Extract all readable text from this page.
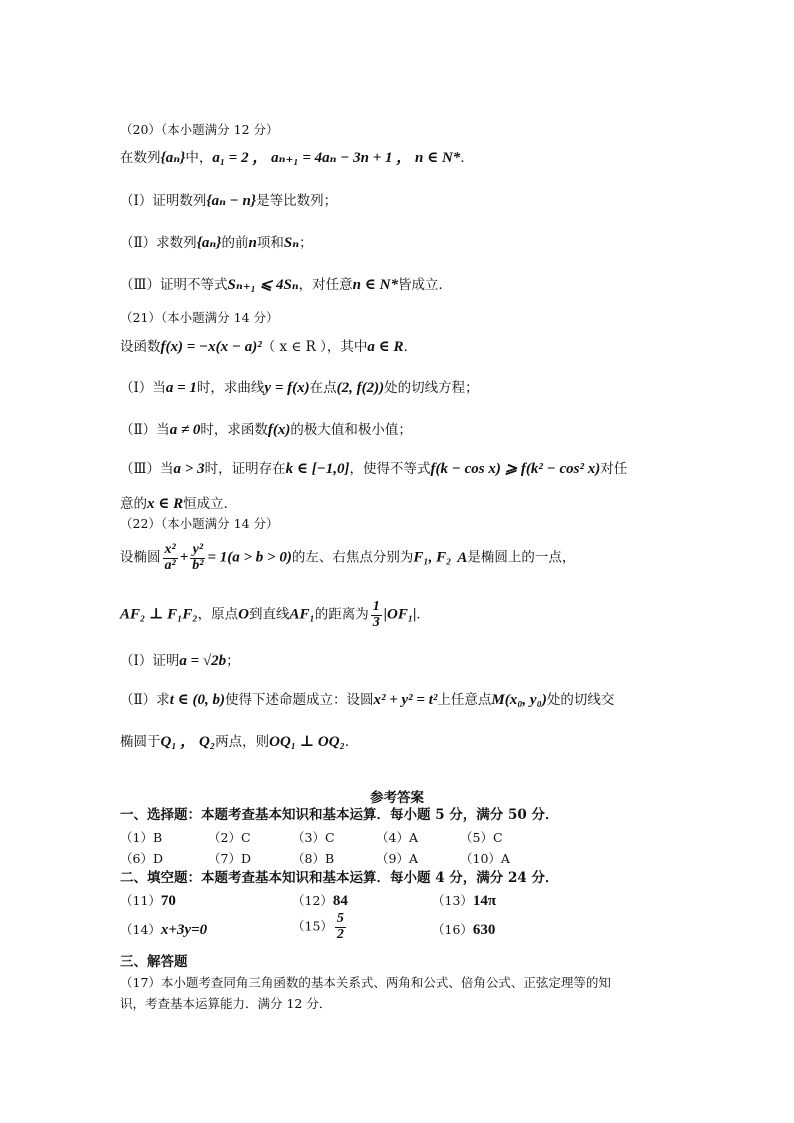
（20）（本小题满分 12 分）
在数列{aₙ}中，a₁ = 2 ， aₙ₊₁ = 4aₙ − 3n + 1 ， n ∈ N*．
（Ⅰ）证明数列{aₙ − n}是等比数列；
（Ⅱ）求数列{aₙ}的前n项和Sₙ；
（Ⅲ）证明不等式Sₙ₊₁ ⩽ 4Sₙ，对任意n ∈ N*皆成立．
（21）（本小题满分 14 分）
设函数f(x) = −x(x − a)²（ x ∈ R ），其中a ∈ R．
（Ⅰ）当a = 1时，求曲线y = f(x)在点(2, f(2))处的切线方程；
（Ⅱ）当a ≠ 0时，求函数f(x)的极大值和极小值；
（Ⅲ）当a > 3时，证明存在k ∈ [−1,0]，使得不等式f(k − cos x) ⩾ f(k² − cos² x)对任
意的x ∈ R恒成立．
（22）（本小题满分 14 分）
设椭圆 $\frac{\text{x²}}{\text{a²}} + \frac{\text{y²}}{\text{b²}} = 1(a > b > 0)$的左、右焦点分别为F₁, F₂ A是椭圆上的一点，
AF₂ ⊥ F₁F₂，原点O到直线AF₁的距离为 $\frac{1}{3} |OF_1|$．
（Ⅰ）证明a = √2b；
（Ⅱ）求t ∈ (0, b)使得下述命题成立：设圆x² + y² = t²上任意点M(x₀, y₀)处的切线交
椭圆于Q₁ ， Q₂两点，则OQ₁ ⊥ OQ₂．
参考答案
一、选择题：本题考查基本知识和基本运算．每小题 5 分，满分 50 分．
（1）B	（2）C	（3）C	（4）A	（5）C
（6）D	（7）D	（8）B	（9）A	（10）A
二、填空题：本题考查基本知识和基本运算．每小题 4 分，满分 24 分．
（11）70	（12）84	（13）14π
（14）x+3y=0	$(15) \frac{5}{2}$	（16）630
三、解答题
（17）本小题考查同角三角函数的基本关系式、两角和公式、倍角公式、正弦定理等的知
识，考查基本运算能力．满分 12 分．
